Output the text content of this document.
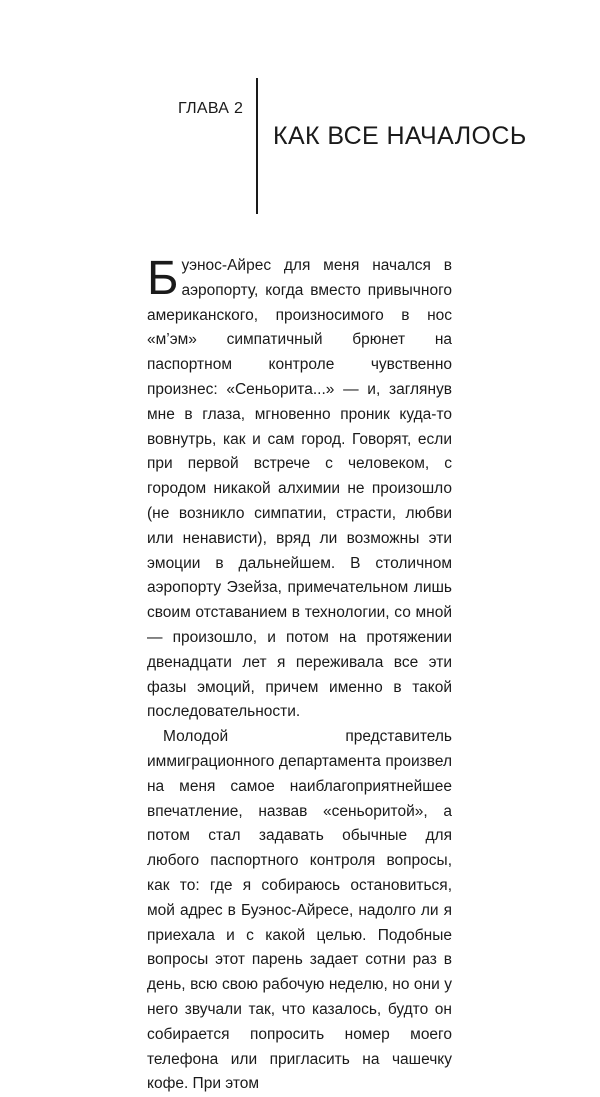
ГЛАВА 2
КАК ВСЕ НАЧАЛОСЬ

Буэнос-Айрес для меня начался в аэропорту, когда вместо привычного американского, произносимого в нос «м’эм» симпатичный брюнет на паспортном контроле чувственно произнес: «Сеньорита...» — и, заглянув мне в глаза, мгновенно проник куда-то вовнутрь, как и сам город. Говорят, если при первой встрече с человеком, с городом никакой алхимии не произошло (не возникло симпатии, страсти, любви или ненависти), вряд ли возможны эти эмоции в дальнейшем. В столичном аэропорту Эзейза, примечательном лишь своим отставанием в технологии, со мной — произошло, и потом на протяжении двенадцати лет я переживала все эти фазы эмоций, причем именно в такой последовательности.

Молодой представитель иммиграционного департамента произвел на меня самое наиблагоприятнейшее впечатление, назвав «сеньоритой», а потом стал задавать обычные для любого паспортного контроля вопросы, как то: где я собираюсь остановиться, мой адрес в Буэнос-Айресе, надолго ли я приехала и с какой целью. Подобные вопросы этот парень задает сотни раз в день, всю свою рабочую неделю, но они у него звучали так, что казалось, будто он собирается попросить номер моего телефона или пригласить на чашечку кофе. При этом
